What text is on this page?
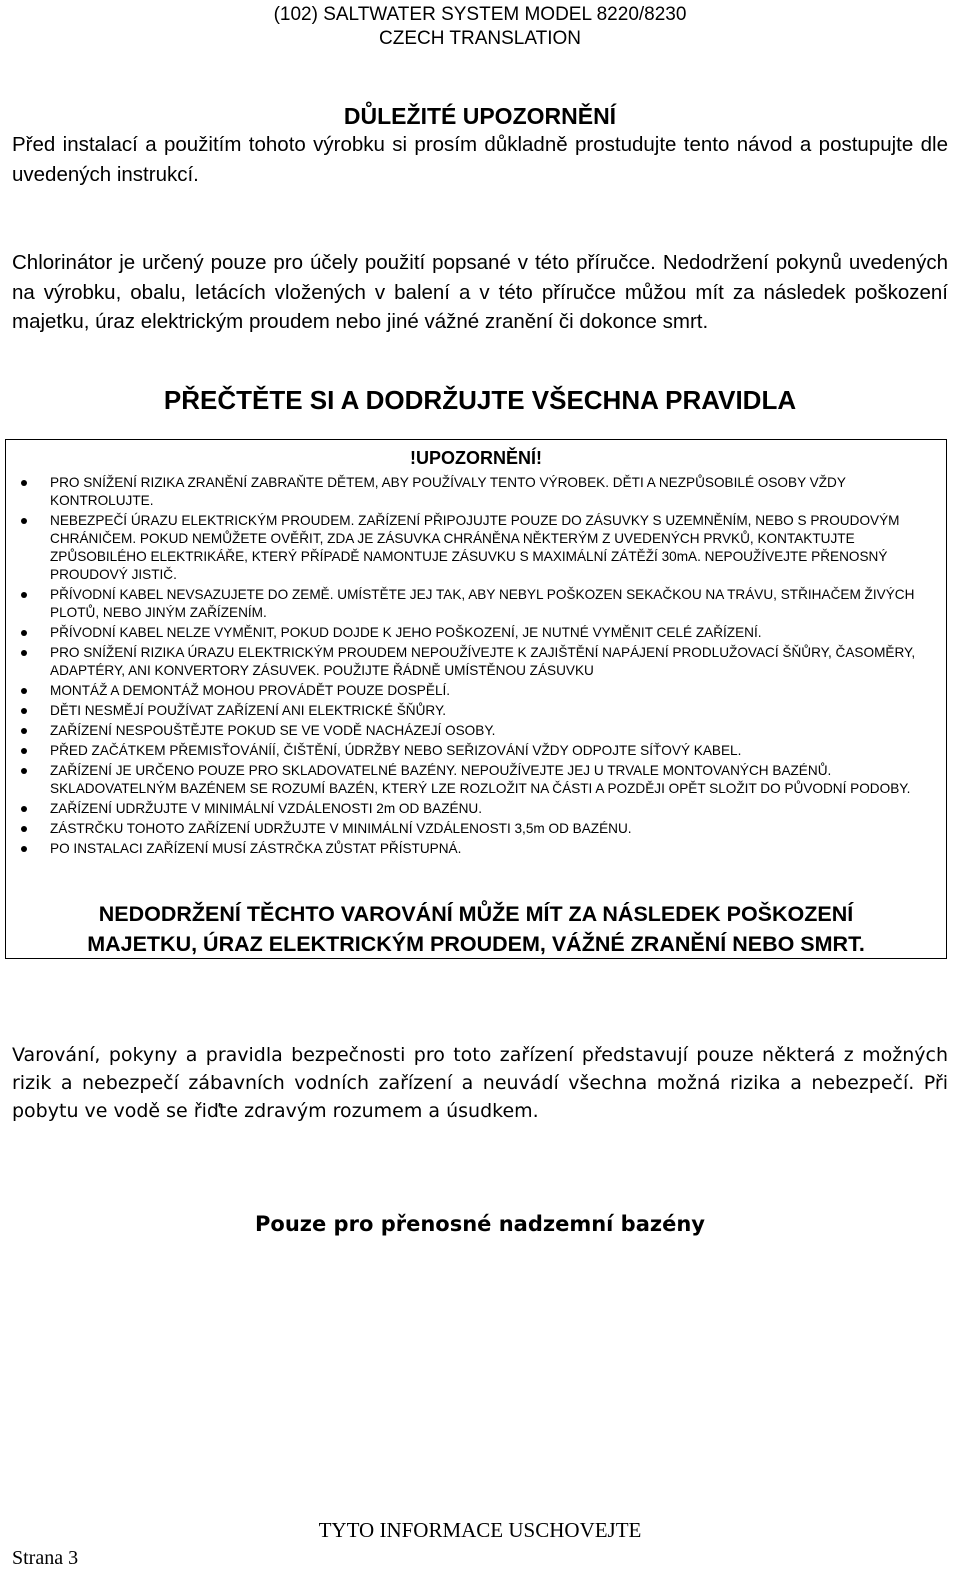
(102) SALTWATER SYSTEM MODEL 8220/8230
CZECH TRANSLATION
DŮLEŽITÉ UPOZORNĚNÍ
Před instalací a použitím tohoto výrobku si prosím důkladně prostudujte tento návod a postupujte dle uvedených instrukcí.
Chlorinátor je určený pouze pro účely použití popsané v této příručce. Nedodržení pokynů uvedených na výrobku, obalu, letácích vložených v balení a v této příručce můžou mít za následek poškození majetku, úraz elektrickým proudem nebo jiné vážné zranění či dokonce smrt.
PŘEČTĚTE SI A DODRŽUJTE VŠECHNA PRAVIDLA
!UPOZORNĚNÍ!
PRO SNÍŽENÍ RIZIKA ZRANĚNÍ ZABRAŇTE DĚTEM, ABY POUŽÍVALY TENTO VÝROBEK. DĚTI A NEZPŮSOBILÉ OSOBY VŽDY KONTROLUJTE.
NEBEZPEČÍ ÚRAZU ELEKTRICKÝM PROUDEM. ZAŘÍZENÍ PŘIPOJUJTE POUZE DO ZÁSUVKY S UZEMNĚNÍM, NEBO S PROUDOVÝM CHRÁNIČEM. POKUD NEMŮŽETE OVĚŘIT, ZDA JE ZÁSUVKA CHRÁNĚNA NĚKTERÝM Z UVEDENÝCH PRVKŮ, KONTAKTUJTE ZPŮSOBILÉHO ELEKTRIKÁŘE, KTERÝ PŘÍPADĚ NAMONTUJE ZÁSUVKU S MAXIMÁLNÍ ZÁTĚŽÍ 30mA. NEPOUŽÍVEJTE PŘENOSNÝ PROUDOVÝ JISTIČ.
PŘÍVODNÍ KABEL NEVSAZUJETE DO ZEMĚ. UMÍSTĚTE JEJ TAK, ABY NEBYL POŠKOZEN SEKAČKOU NA TRÁVU, STŘIHAČEM ŽIVÝCH PLOTŮ, NEBO JINÝM ZAŘÍZENÍM.
PŘÍVODNÍ KABEL NELZE VYMĚNIT, POKUD DOJDE K JEHO POŠKOZENÍ, JE NUTNÉ VYMĚNIT CELÉ ZAŘÍZENÍ.
PRO SNÍŽENÍ RIZIKA ÚRAZU ELEKTRICKÝM PROUDEM NEPOUŽÍVEJTE K ZAJIŠTĚNÍ NAPÁJENÍ PRODLUŽOVACÍ ŠŇŮRY, ČASOMĚRY, ADAPTÉRY, ANI KONVERTORY ZÁSUVEK. POUŽIJTE ŘÁDNĚ UMÍSTĚNOU ZÁSUVKU
MONTÁŽ A DEMONTÁŽ MOHOU PROVÁDĚT POUZE DOSPĚLÍ.
DĚTI NESMĚJÍ POUŽÍVAT ZAŘÍZENÍ ANI ELEKTRICKÉ ŠŇŮRY.
ZAŘÍZENÍ NESPOUŠTĚJTE POKUD SE VE VODĚ NACHÁZEJÍ OSOBY.
PŘED ZAČÁTKEM PŘEMISŤOVÁNÍÍ, ČIŠTĚNÍ, ÚDRŽBY NEBO SEŘIZOVÁNÍ VŽDY ODPOJTE SÍŤOVÝ KABEL.
ZAŘÍZENÍ JE URČENO POUZE PRO SKLADOVATELNÉ BAZÉNY. NEPOUŽÍVEJTE JEJ U TRVALE MONTOVANÝCH BAZÉNŮ. SKLADOVATELNÝM BAZÉNEM SE ROZUMÍ BAZÉN, KTERÝ LZE ROZLOŽIT NA ČÁSTI A POZDĚJI OPĚT SLOŽIT DO PŮVODNÍ PODOBY.
ZAŘÍZENÍ UDRŽUJTE V MINIMÁLNÍ VZDÁLENOSTI 2m OD BAZÉNU.
ZÁSTRČKU TOHOTO ZAŘÍZENÍ UDRŽUJTE V MINIMÁLNÍ VZDÁLENOSTI 3,5m OD BAZÉNU.
PO INSTALACI ZAŘÍZENÍ MUSÍ ZÁSTRČKA ZŮSTAT PŘÍSTUPNÁ.
NEDODRŽENÍ TĚCHTO VAROVÁNÍ MŮŽE MÍT ZA NÁSLEDEK POŠKOZENÍ
MAJETKU, ÚRAZ ELEKTRICKÝM PROUDEM, VÁŽNÉ ZRANĚNÍ NEBO SMRT.
Varování, pokyny a pravidla bezpečnosti pro toto zařízení představují pouze některá z možných rizik a nebezpečí zábavních vodních zařízení a neuvádí všechna možná rizika a nebezpečí. Při pobytu ve vodě se řiďte zdravým rozumem a úsudkem.
Pouze pro přenosné nadzemní bazény
TYTO INFORMACE USCHOVEJTE
Strana 3
